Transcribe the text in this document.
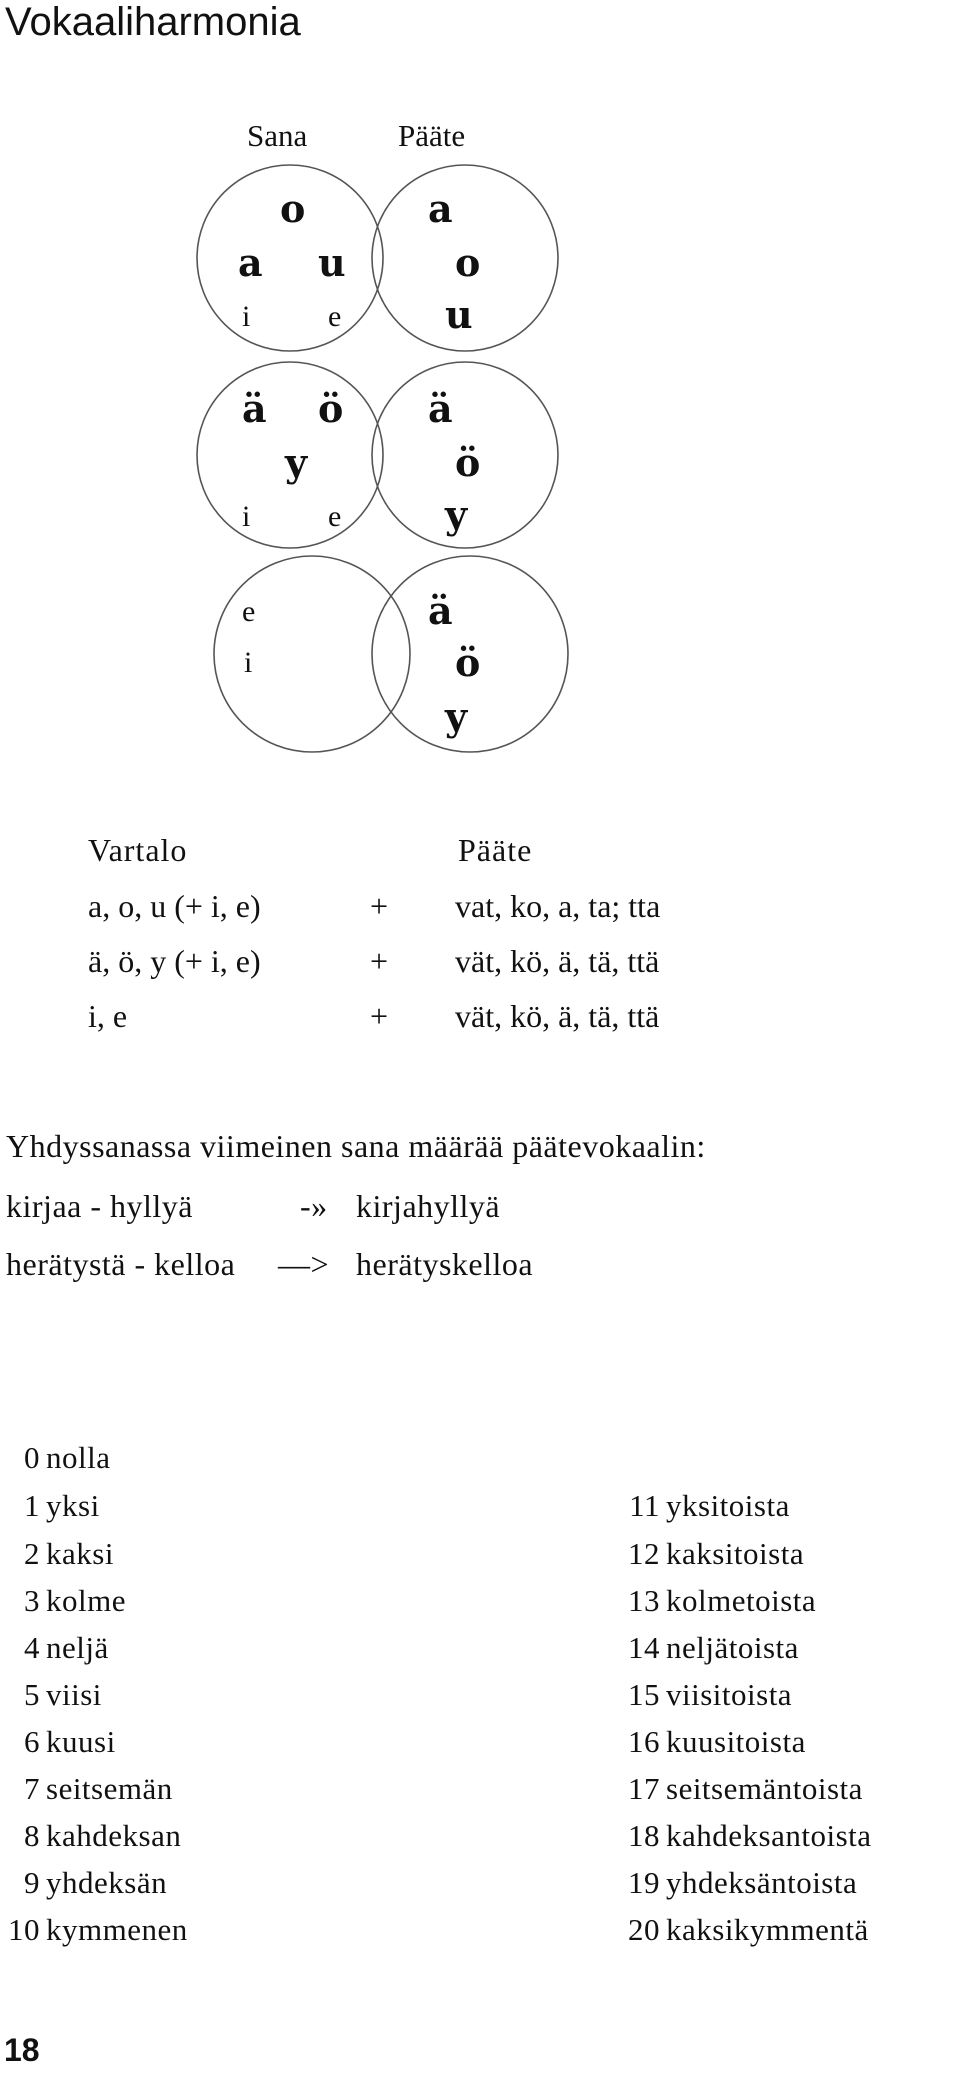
Vokaaliharmonia
Sana	Pääte
o
a u
i	e
a
o
u
ä ö
y
i	e
ä
ö
y
e
i
ä
ö
y
Vartalo	Pääte
a, o, u (+ i, e)	+ vat, ko, a, ta; tta
ä, ö, y (+ i, e)	+ vät, kö, ä, tä, ttä
i, e	+ vät, kö, ä, tä, ttä
Yhdyssanassa viimeinen sana määrää päätevokaalin:
kirjaa - hyllyä	-» kirjahyllyä
herätystä - kelloa —> herätyskelloa
0 nolla
1 yksi
2 kaksi
3 kolme
4 neljä
5 viisi
6 kuusi
7 seitsemän
8 kahdeksan
9 yhdeksän
10 kymmenen
11 yksitoista
12 kaksitoista
13 kolmetoista
14 neljätoista
15 viisitoista
16 kuusitoista
17 seitsemäntoista
18 kahdeksantoista
19 yhdeksäntoista
20 kaksikymmentä
18
